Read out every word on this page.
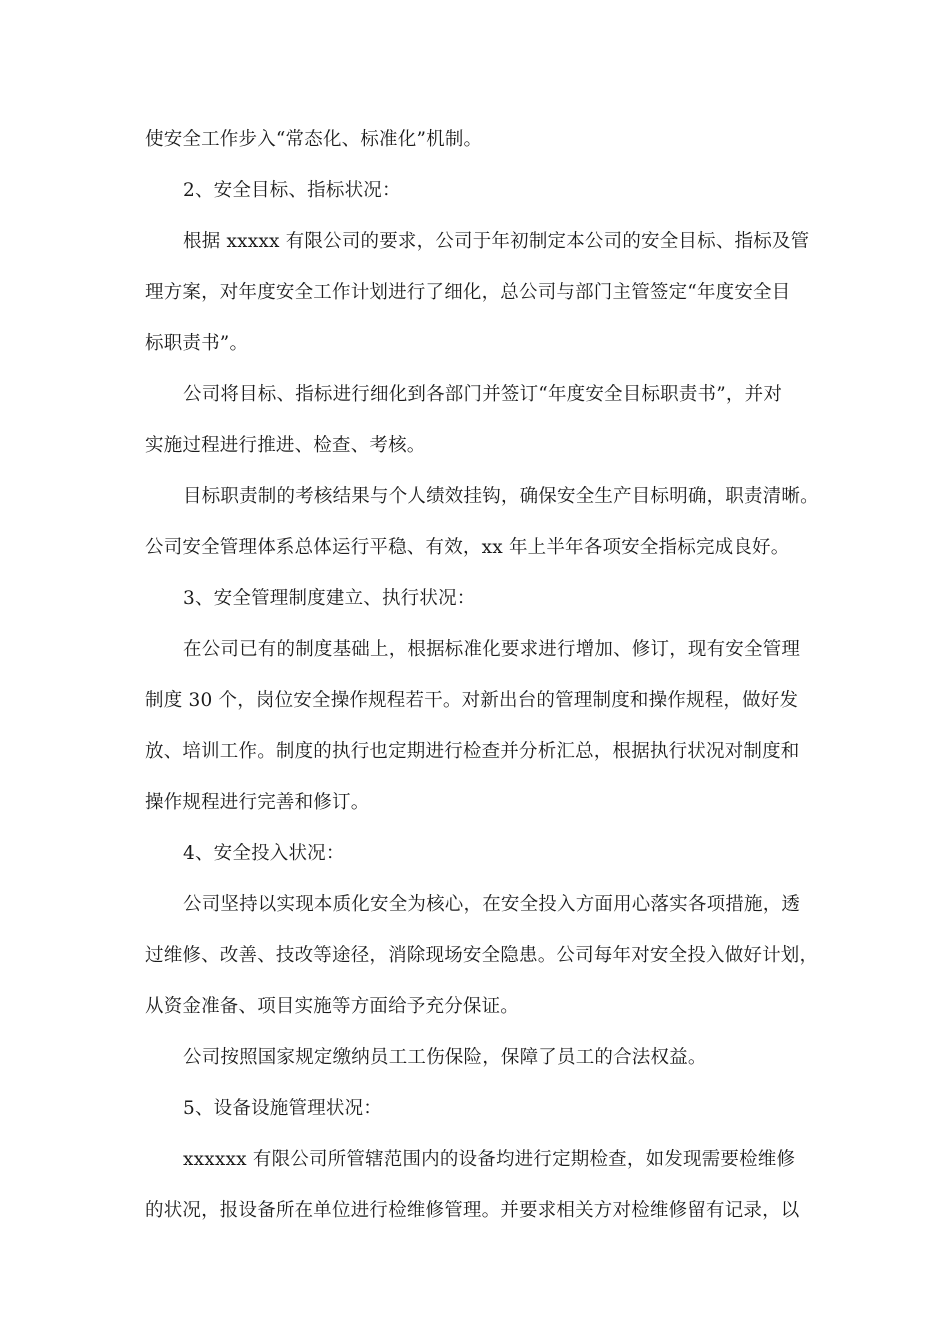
使安全工作步入“常态化、标准化”机制。
2、安全目标、指标状况：
根据 xxxxx 有限公司的要求，公司于年初制定本公司的安全目标、指标及管
理方案，对年度安全工作计划进行了细化，总公司与部门主管签定“年度安全目
标职责书”。
公司将目标、指标进行细化到各部门并签订“年度安全目标职责书”，并对
实施过程进行推进、检查、考核。
目标职责制的考核结果与个人绩效挂钩，确保安全生产目标明确，职责清晰。
公司安全管理体系总体运行平稳、有效，xx 年上半年各项安全指标完成良好。
3、安全管理制度建立、执行状况：
在公司已有的制度基础上，根据标准化要求进行增加、修订，现有安全管理
制度 30 个，岗位安全操作规程若干。对新出台的管理制度和操作规程，做好发
放、培训工作。制度的执行也定期进行检查并分析汇总，根据执行状况对制度和
操作规程进行完善和修订。
4、安全投入状况：
公司坚持以实现本质化安全为核心，在安全投入方面用心落实各项措施，透
过维修、改善、技改等途径，消除现场安全隐患。公司每年对安全投入做好计划，
从资金准备、项目实施等方面给予充分保证。
公司按照国家规定缴纳员工工伤保险，保障了员工的合法权益。
5、设备设施管理状况：
xxxxxx 有限公司所管辖范围内的设备均进行定期检查，如发现需要检维修
的状况，报设备所在单位进行检维修管理。并要求相关方对检维修留有记录，以
